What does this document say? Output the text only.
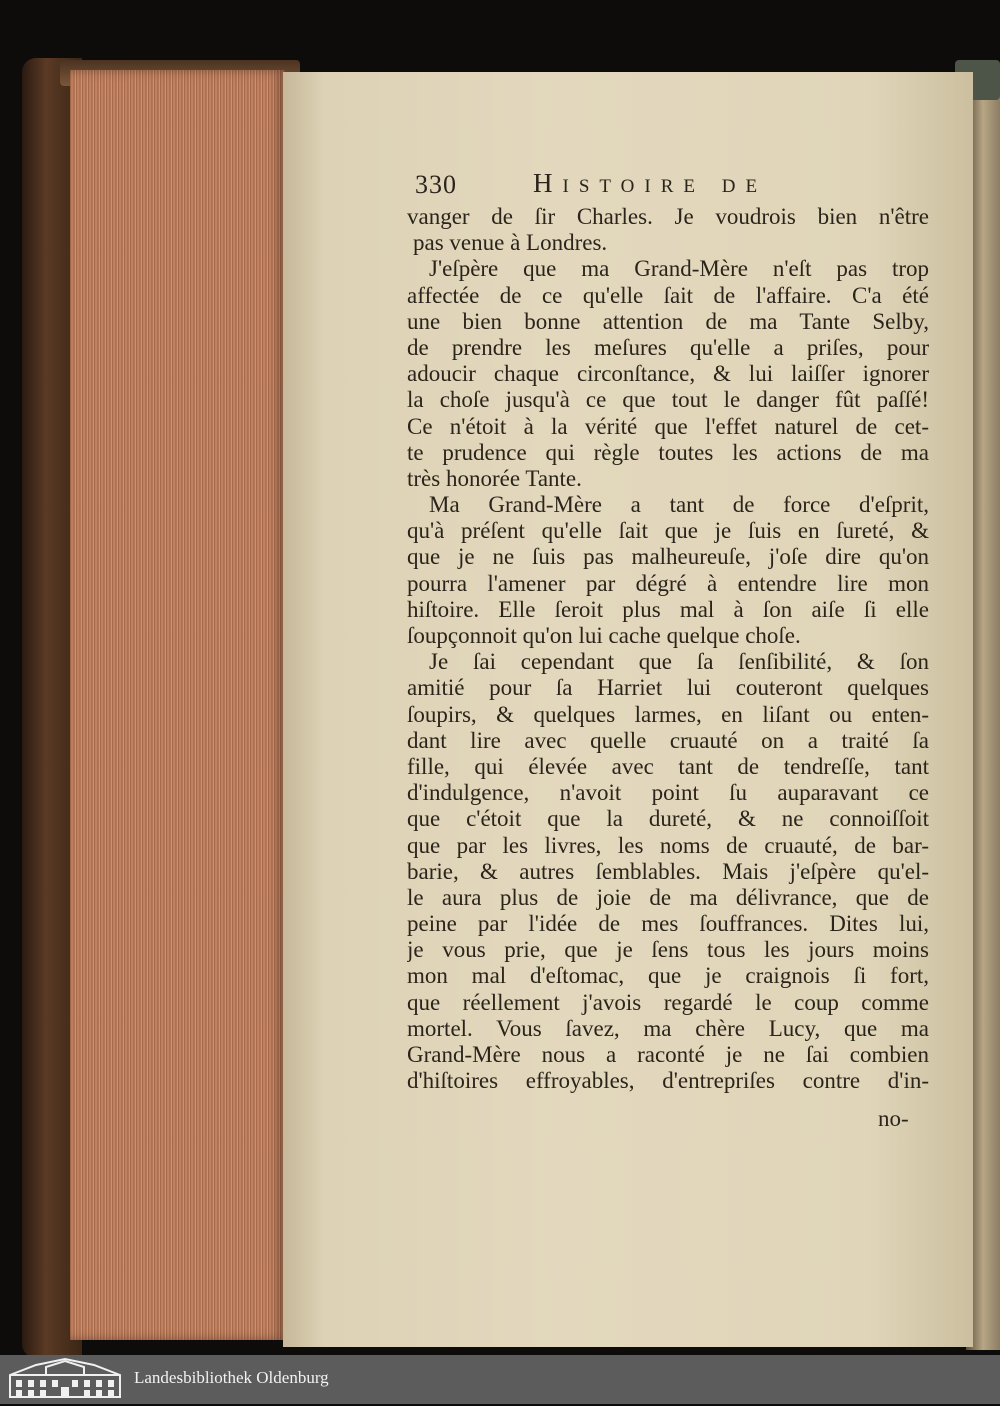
330	Histoire de
vanger de ſir Charles. Je voudrois bien n'être
pas venue à Londres.
J'eſpère que ma Grand-Mère n'eſt pas trop
affectée de ce qu'elle ſait de l'affaire. C'a été
une bien bonne attention de ma Tante Selby,
de prendre les meſures qu'elle a priſes, pour
adoucir chaque circonſtance, & lui laiſſer ignorer
la choſe jusqu'à ce que tout le danger fût paſſé!
Ce n'étoit à la vérité que l'effet naturel de cet-
te prudence qui règle toutes les actions de ma
très honorée Tante.
Ma Grand-Mère a tant de force d'eſprit,
qu'à préſent qu'elle ſait que je ſuis en ſureté, &
que je ne ſuis pas malheureuſe, j'oſe dire qu'on
pourra l'amener par dégré à entendre lire mon
hiſtoire. Elle ſeroit plus mal à ſon aiſe ſi elle
ſoupçonnoit qu'on lui cache quelque choſe.
Je ſai cependant que ſa ſenſibilité, & ſon
amitié pour ſa Harriet lui couteront quelques
ſoupirs, & quelques larmes, en liſant ou enten-
dant lire avec quelle cruauté on a traité ſa
fille, qui élevée avec tant de tendreſſe, tant
d'indulgence, n'avoit point ſu auparavant ce
que c'étoit que la dureté, & ne connoiſſoit
que par les livres, les noms de cruauté, de bar-
barie, & autres ſemblables. Mais j'eſpère qu'el-
le aura plus de joie de ma délivrance, que de
peine par l'idée de mes ſouffrances. Dites lui,
je vous prie, que je ſens tous les jours moins
mon mal d'eſtomac, que je craignois ſi fort,
que réellement j'avois regardé le coup comme
mortel. Vous ſavez, ma chère Lucy, que ma
Grand-Mère nous a raconté je ne ſai combien
d'hiſtoires effroyables, d'entrepriſes contre d'in-
no-
Landesbibliothek Oldenburg
